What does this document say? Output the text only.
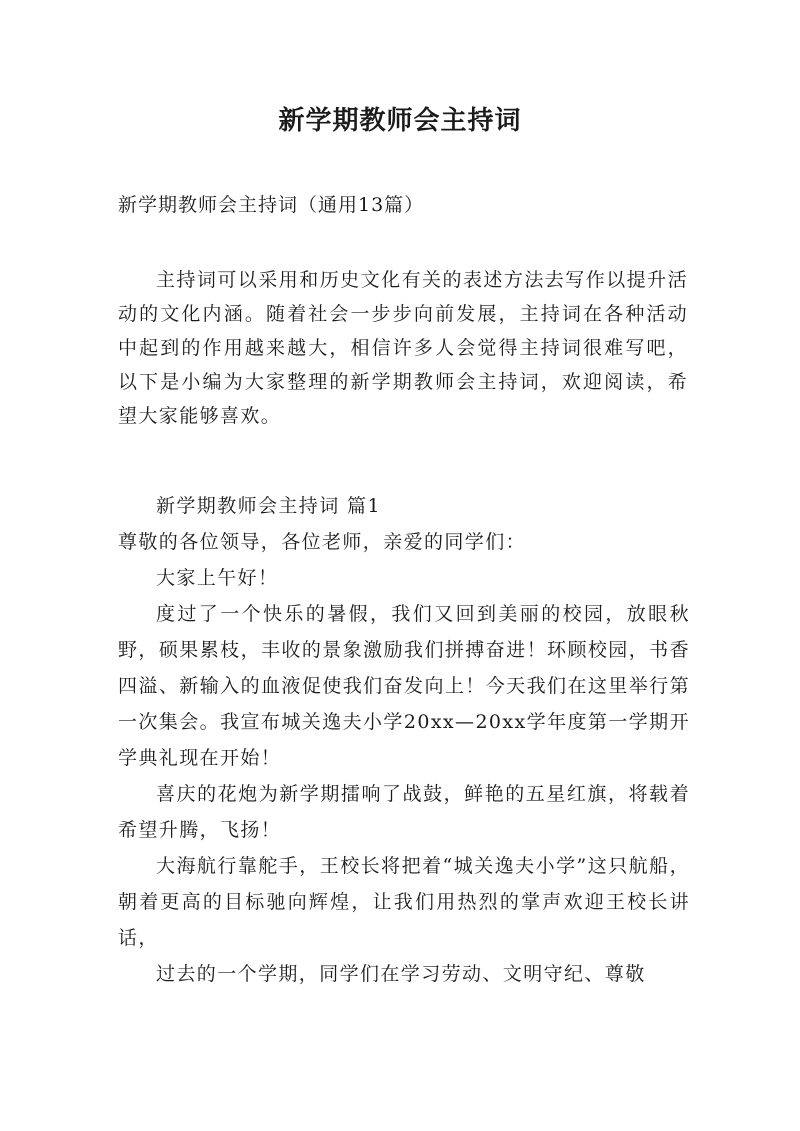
新学期教师会主持词
新学期教师会主持词（通用13篇）

主持词可以采用和历史文化有关的表述方法去写作以提升活动的文化内涵。随着社会一步步向前发展，主持词在各种活动中起到的作用越来越大，相信许多人会觉得主持词很难写吧，以下是小编为大家整理的新学期教师会主持词，欢迎阅读，希望大家能够喜欢。

新学期教师会主持词 篇1

尊敬的各位领导，各位老师，亲爱的同学们：

大家上午好！

度过了一个快乐的暑假，我们又回到美丽的校园，放眼秋野，硕果累枝，丰收的景象激励我们拼搏奋进！环顾校园，书香四溢、新输入的血液促使我们奋发向上！今天我们在这里举行第一次集会。我宣布城关逸夫小学20xx—20xx学年度第一学期开学典礼现在开始！

喜庆的花炮为新学期擂响了战鼓，鲜艳的五星红旗，将载着希望升腾，飞扬！

大海航行靠舵手，王校长将把着“城关逸夫小学”这只航船，朝着更高的目标驰向辉煌，让我们用热烈的掌声欢迎王校长讲话，

过去的一个学期，同学们在学习劳动、文明守纪、尊敬
